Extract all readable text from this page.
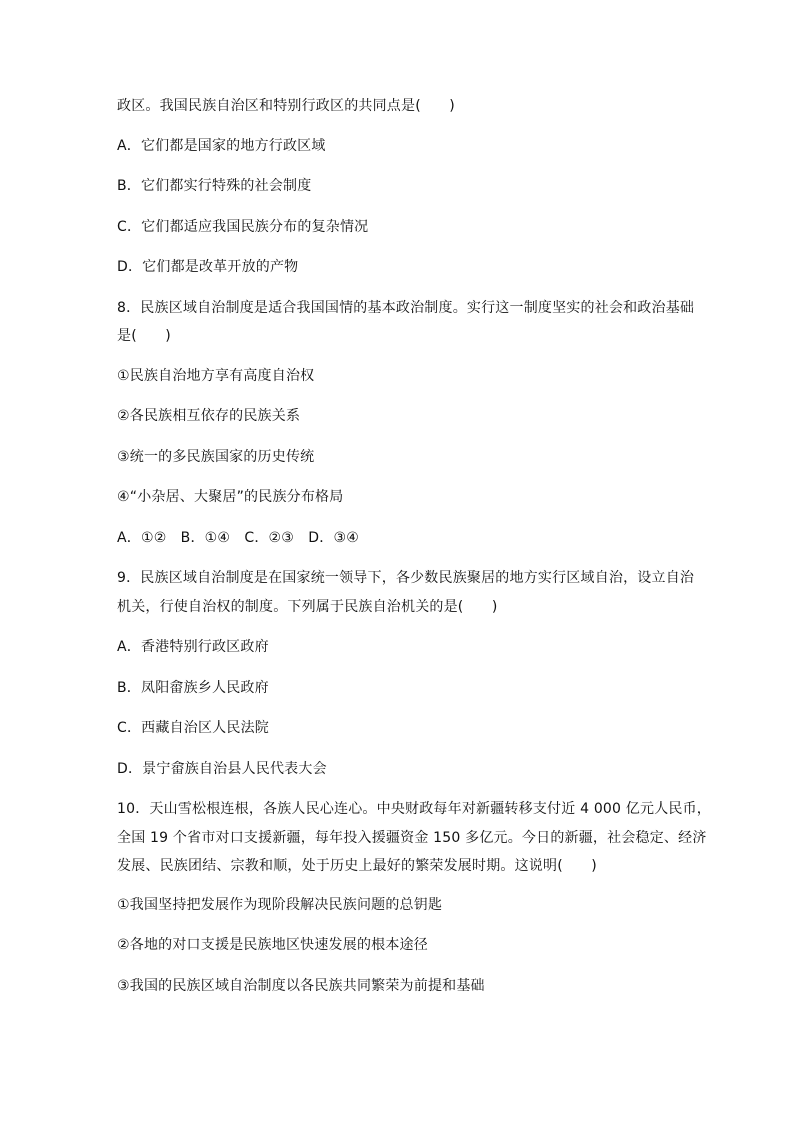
政区。我国民族自治区和特别行政区的共同点是(　　)
A．它们都是国家的地方行政区域
B．它们都实行特殊的社会制度
C．它们都适应我国民族分布的复杂情况
D．它们都是改革开放的产物
8．民族区域自治制度是适合我国国情的基本政治制度。实行这一制度坚实的社会和政治基础
是(　　)
①民族自治地方享有高度自治权
②各民族相互依存的民族关系
③统一的多民族国家的历史传统
④“小杂居、大聚居”的民族分布格局
A．①②　B．①④　C．②③　D．③④
9．民族区域自治制度是在国家统一领导下，各少数民族聚居的地方实行区域自治，设立自治
机关，行使自治权的制度。下列属于民族自治机关的是(　　)
A．香港特别行政区政府
B．凤阳畲族乡人民政府
C．西藏自治区人民法院
D．景宁畲族自治县人民代表大会
10．天山雪松根连根，各族人民心连心。中央财政每年对新疆转移支付近 4 000 亿元人民币，
全国 19 个省市对口支援新疆，每年投入援疆资金 150 多亿元。今日的新疆，社会稳定、经济
发展、民族团结、宗教和顺，处于历史上最好的繁荣发展时期。这说明(　　)
①我国坚持把发展作为现阶段解决民族问题的总钥匙
②各地的对口支援是民族地区快速发展的根本途径
③我国的民族区域自治制度以各民族共同繁荣为前提和基础
